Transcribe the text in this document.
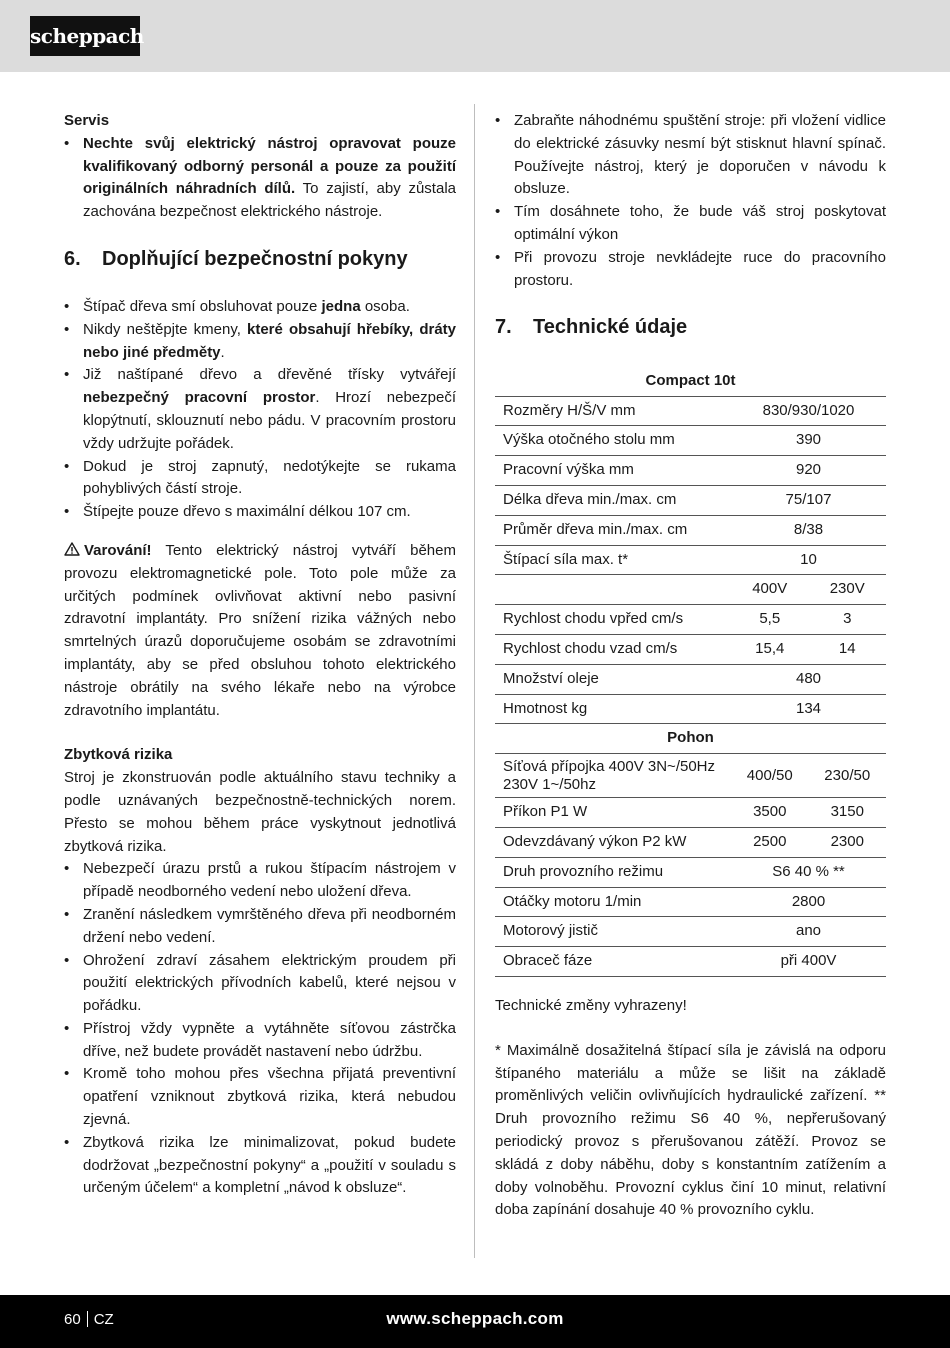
scheppach
Servis
• Nechte svůj elektrický nástroj opravovat pouze kvalifikovaný odborný personál a pouze za použití originálních náhradních dílů. To zajistí, aby zůstala zachována bezpečnost elektrického nástroje.
6.	Doplňující bezpečnostní pokyny
• Štípač dřeva smí obsluhovat pouze jedna osoba.
• Nikdy neštěpjte kmeny, které obsahují hřebíky, dráty nebo jiné předměty.
• Již naštípané dřevo a dřevěné třísky vytvářejí nebezpečný pracovní prostor. Hrozí nebezpečí klopýtnutí, sklouznutí nebo pádu. V pracovním prostoru vždy udržujte pořádek.
• Dokud je stroj zapnutý, nedotýkejte se rukama pohyblivých částí stroje.
• Štípejte pouze dřevo s maximální délkou 107 cm.

Varování! Tento elektrický nástroj vytváří během provozu elektromagnetické pole. Toto pole může za určitých podmínek ovlivňovat aktivní nebo pasivní zdravotní implantáty. Pro snížení rizika vážných nebo smrtelných úrazů doporučujeme osobám se zdravotními implantáty, aby se před obsluhou tohoto elektrického nástroje obrátily na svého lékaře nebo na výrobce zdravotního implantátu.

Zbytková rizika

Stroj je zkonstruován podle aktuálního stavu techniky a podle uznávaných bezpečnostně-technických norem. Přesto se mohou během práce vyskytnout jednotlivá zbytková rizika.

• Nebezpečí úrazu prstů a rukou štípacím nástrojem v případě neodborného vedení nebo uložení dřeva.
• Zranění následkem vymrštěného dřeva při neodborném držení nebo vedení.
• Ohrožení zdraví zásahem elektrickým proudem při použití elektrických přívodních kabelů, které nejsou v pořádku.
• Přístroj vždy vypněte a vytáhněte síťovou zástrčka dříve, než budete provádět nastavení nebo údržbu.
• Kromě toho mohou přes všechna přijatá preventivní opatření vzniknout zbytková rizika, která nebudou zjevná.
• Zbytková rizika lze minimalizovat, pokud budete dodržovat „bezpečnostní pokyny“ a „použití v souladu s určeným účelem“ a kompletní „návod k obsluze“.
• Zabraňte náhodnému spuštění stroje: při vložení vidlice do elektrické zásuvky nesmí být stisknut hlavní spínač. Používejte nástroj, který je doporučen v návodu k obsluze.
• Tím dosáhnete toho, že bude váš stroj poskytovat optimální výkon
• Při provozu stroje nevkládejte ruce do pracovního prostoru.
7.	Technické údaje
Compact 10t		
Rozměry H/Š/V mm	830/930/1020	
Výška otočného stolu mm	390	
Pracovní výška mm	920	
Délka dřeva min./max. cm	75/107	
Průměr dřeva min./max. cm	8/38	
Štípací síla max. t*	10	
	400V	230V
Rychlost chodu vpřed cm/s	5,5	3
Rychlost chodu vzad cm/s	15,4	14
Množství oleje	480	
Hmotnost kg	134	
Pohon		
Síťová přípojka 400V 3N~/50Hz
230V 1~/50hz	400/50	230/50
Příkon P1 W	3500	3150
Odevzdávaný výkon P2 kW	2500	2300
Druh provozního režimu	S6 40 % **	
Otáčky motoru 1/min	2800	
Motorový jistič	ano	
Obraceč fáze	při 400V	

Technické změny vyhrazeny!

* Maximálně dosažitelná štípací síla je závislá na odporu štípaného materiálu a může se lišit na základě proměnlivých veličin ovlivňujících hydraulické zařízení. ** Druh provozního režimu S6 40 %, nepřerušovaný periodický provoz s přerušovanou zátěží. Provoz se skládá z doby náběhu, doby s konstantním zatížením a doby volnoběhu. Provozní cyklus činí 10 minut, relativní doba zapínání dosahuje 40 % provozního cyklu.

60 CZ	www.scheppach.com
